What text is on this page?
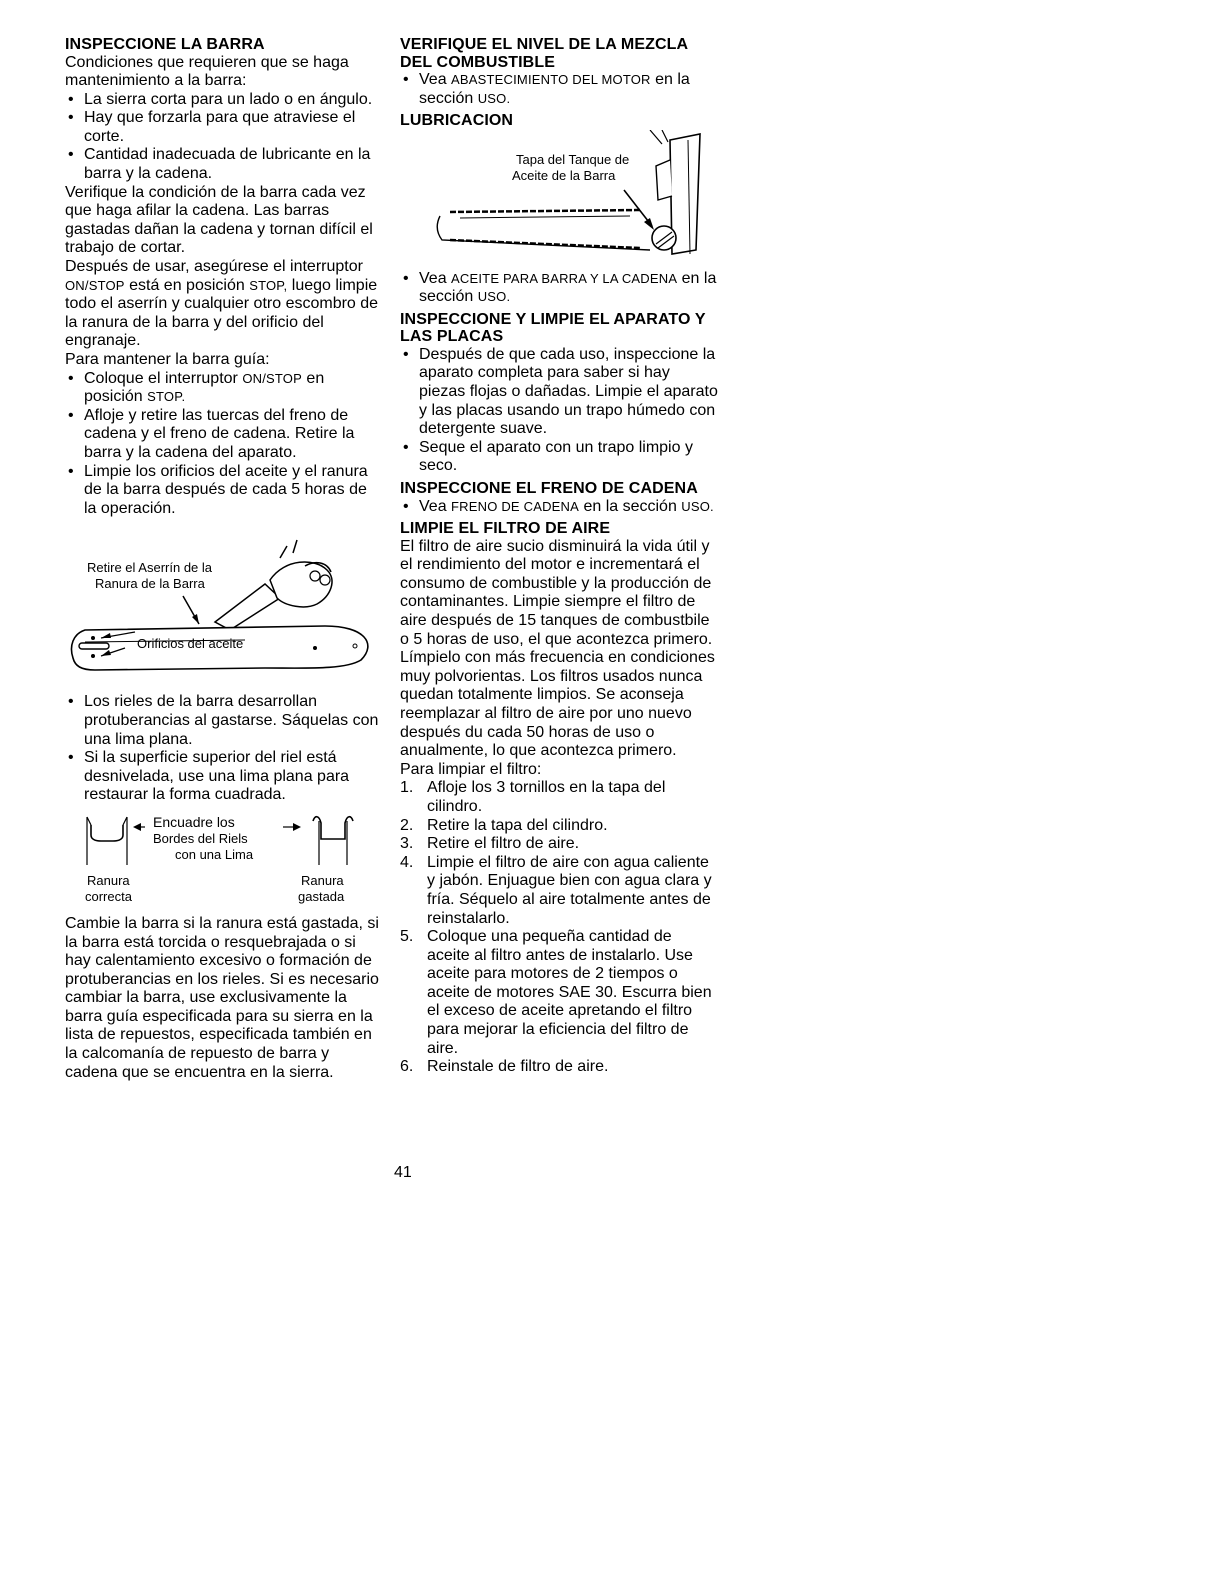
INSPECCIONE LA BARRA

Condiciones que requieren que se haga mantenimiento a la barra:

• La sierra corta para un lado o en ángulo.
• Hay que forzarla para que atraviese el corte.
• Cantidad inadecuada de lubricante en la barra y la cadena.

Verifique la condición de la barra cada vez que haga afilar la cadena. Las barras gastadas dañan la cadena y tornan difícil el trabajo de cortar.

Después de usar, asegúrese el interruptor ON/STOP está en posición STOP, luego limpie todo el aserrín y cualquier otro escombro de la ranura de la barra y del orificio del engranaje.

Para mantener la barra guía:

• Coloque el interruptor ON/STOP en posición STOP.
• Afloje y retire las tuercas del freno de cadena y el freno de cadena. Retire la barra y la cadena del aparato.
• Limpie los orificios del aceite y el ranura de la barra después de cada 5 horas de la operación.
Retire el Aserrín de la
Ranura de la Barra
Orificios del aceite
• Los rieles de la barra desarrollan protuberancias al gastarse. Sáquelas con una lima plana.
• Si la superficie superior del riel está desnivelada, use una lima plana para restaurar la forma cuadrada.
Encuadre los
Bordes del Riels
con una Lima
Ranura
correcta
Ranura
gastada

Cambie la barra si la ranura está gastada, si la barra está torcida o resquebrajada o si hay calentamiento excesivo o formación de protuberancias en los rieles. Si es necesario cambiar la barra, use exclusivamente la barra guía especificada para su sierra en la lista de repuestos, especificada también en la calcomanía de repuesto de barra y cadena que se encuentra en la sierra.

VERIFIQUE EL NIVEL DE LA MEZCLA DEL COMBUSTIBLE
• Vea ABASTECIMIENTO DEL MOTOR en la sección USO.
LUBRICACION
Tapa del Tanque de
Aceite de la Barra
• Vea ACEITE PARA BARRA Y LA CADENA en la sección USO.
INSPECCIONE Y LIMPIE EL APARATO Y LAS PLACAS
• Después de que cada uso, inspeccione la aparato completa para saber si hay piezas flojas o dañadas. Limpie el aparato y las placas usando un trapo húmedo con detergente suave.
• Seque el aparato con un trapo limpio y seco.
INSPECCIONE EL FRENO DE CADENA
• Vea FRENO DE CADENA en la sección USO.
LIMPIE EL FILTRO DE AIRE

El filtro de aire sucio disminuirá la vida útil y el rendimiento del motor e incrementará el consumo de combustible y la producción de contaminantes. Limpie siempre el filtro de aire después de 15 tanques de combustbile o 5 horas de uso, el que acontezca primero. Límpielo con más frecuencia en condiciones muy polvorientas. Los filtros usados nunca quedan totalmente limpios. Se aconseja reemplazar al filtro de aire por uno nuevo después du cada 50 horas de uso o anualmente, lo que acontezca primero.

Para limpiar el filtro:

1. Afloje los 3 tornillos en la tapa del cilindro.
2. Retire la tapa del cilindro.
3. Retire el filtro de aire.
4. Limpie el filtro de aire con agua caliente y jabón. Enjuague bien con agua clara y fría. Séquelo al aire totalmente antes de reinstalarlo.
5. Coloque una pequeña cantidad de aceite al filtro antes de instalarlo. Use aceite para motores de 2 tiempos o aceite de motores SAE 30. Escurra bien el exceso de aceite apretando el filtro para mejorar la eficiencia del filtro de aire.
6. Reinstale de filtro de aire.
41
